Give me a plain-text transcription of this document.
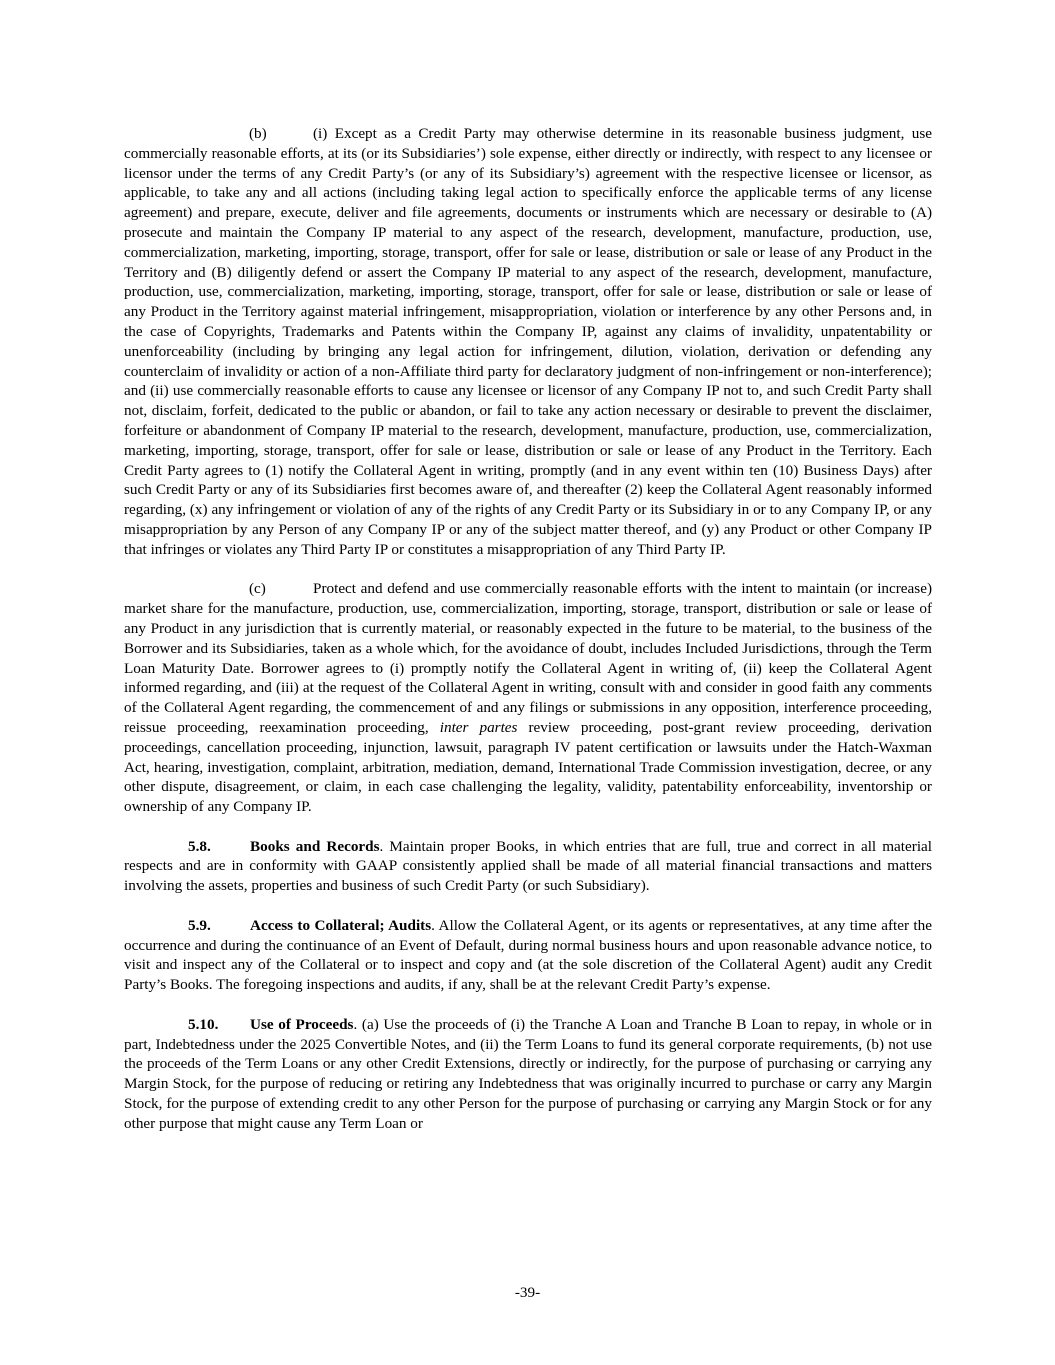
(b)	(i) Except as a Credit Party may otherwise determine in its reasonable business judgment, use commercially reasonable efforts, at its (or its Subsidiaries’) sole expense, either directly or indirectly, with respect to any licensee or licensor under the terms of any Credit Party’s (or any of its Subsidiary’s) agreement with the respective licensee or licensor, as applicable, to take any and all actions (including taking legal action to specifically enforce the applicable terms of any license agreement) and prepare, execute, deliver and file agreements, documents or instruments which are necessary or desirable to (A) prosecute and maintain the Company IP material to any aspect of the research, development, manufacture, production, use, commercialization, marketing, importing, storage, transport, offer for sale or lease, distribution or sale or lease of any Product in the Territory and (B) diligently defend or assert the Company IP material to any aspect of the research, development, manufacture, production, use, commercialization, marketing, importing, storage, transport, offer for sale or lease, distribution or sale or lease of any Product in the Territory against material infringement, misappropriation, violation or interference by any other Persons and, in the case of Copyrights, Trademarks and Patents within the Company IP, against any claims of invalidity, unpatentability or unenforceability (including by bringing any legal action for infringement, dilution, violation, derivation or defending any counterclaim of invalidity or action of a non-Affiliate third party for declaratory judgment of non-infringement or non-interference); and (ii) use commercially reasonable efforts to cause any licensee or licensor of any Company IP not to, and such Credit Party shall not, disclaim, forfeit, dedicated to the public or abandon, or fail to take any action necessary or desirable to prevent the disclaimer, forfeiture or abandonment of Company IP material to the research, development, manufacture, production, use, commercialization, marketing, importing, storage, transport, offer for sale or lease, distribution or sale or lease of any Product in the Territory. Each Credit Party agrees to (1) notify the Collateral Agent in writing, promptly (and in any event within ten (10) Business Days) after such Credit Party or any of its Subsidiaries first becomes aware of, and thereafter (2) keep the Collateral Agent reasonably informed regarding, (x) any infringement or violation of any of the rights of any Credit Party or its Subsidiary in or to any Company IP, or any misappropriation by any Person of any Company IP or any of the subject matter thereof, and (y) any Product or other Company IP that infringes or violates any Third Party IP or constitutes a misappropriation of any Third Party IP.

(c)	Protect and defend and use commercially reasonable efforts with the intent to maintain (or increase) market share for the manufacture, production, use, commercialization, importing, storage, transport, distribution or sale or lease of any Product in any jurisdiction that is currently material, or reasonably expected in the future to be material, to the business of the Borrower and its Subsidiaries, taken as a whole which, for the avoidance of doubt, includes Included Jurisdictions, through the Term Loan Maturity Date. Borrower agrees to (i) promptly notify the Collateral Agent in writing of, (ii) keep the Collateral Agent informed regarding, and (iii) at the request of the Collateral Agent in writing, consult with and consider in good faith any comments of the Collateral Agent regarding, the commencement of and any filings or submissions in any opposition, interference proceeding, reissue proceeding, reexamination proceeding, inter partes review proceeding, post-grant review proceeding, derivation proceedings, cancellation proceeding, injunction, lawsuit, paragraph IV patent certification or lawsuits under the Hatch-Waxman Act, hearing, investigation, complaint, arbitration, mediation, demand, International Trade Commission investigation, decree, or any other dispute, disagreement, or claim, in each case challenging the legality, validity, patentability enforceability, inventorship or ownership of any Company IP.

5.8.	Books and Records. Maintain proper Books, in which entries that are full, true and correct in all material respects and are in conformity with GAAP consistently applied shall be made of all material financial transactions and matters involving the assets, properties and business of such Credit Party (or such Subsidiary).

5.9.	Access to Collateral; Audits. Allow the Collateral Agent, or its agents or representatives, at any time after the occurrence and during the continuance of an Event of Default, during normal business hours and upon reasonable advance notice, to visit and inspect any of the Collateral or to inspect and copy and (at the sole discretion of the Collateral Agent) audit any Credit Party’s Books. The foregoing inspections and audits, if any, shall be at the relevant Credit Party’s expense.

5.10. Use of Proceeds. (a) Use the proceeds of (i) the Tranche A Loan and Tranche B Loan to repay, in whole or in part, Indebtedness under the 2025 Convertible Notes, and (ii) the Term Loans to fund its general corporate requirements, (b) not use the proceeds of the Term Loans or any other Credit Extensions, directly or indirectly, for the purpose of purchasing or carrying any Margin Stock, for the purpose of reducing or retiring any Indebtedness that was originally incurred to purchase or carry any Margin Stock, for the purpose of extending credit to any other Person for the purpose of purchasing or carrying any Margin Stock or for any other purpose that might cause any Term Loan or

-39-
